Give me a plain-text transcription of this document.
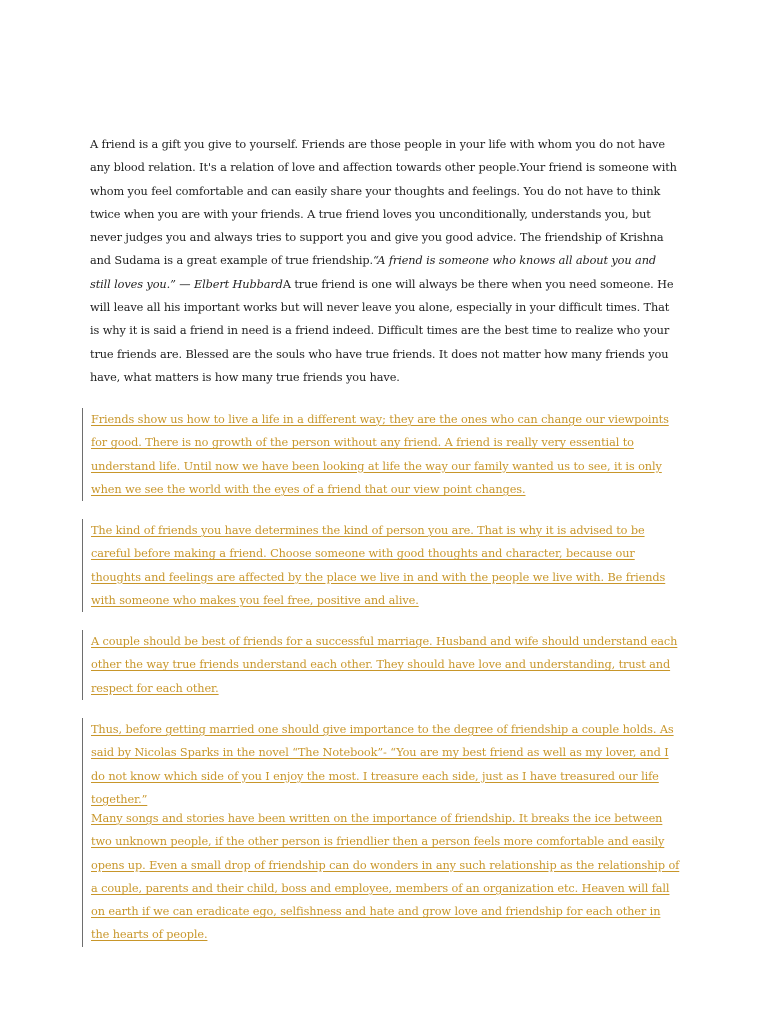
A friend is a gift you give to yourself. Friends are those people in your life with whom you do not have any blood relation. It's a relation of love and affection towards other people.Your friend is someone with whom you feel comfortable and can easily share your thoughts and feelings. You do not have to think twice when you are with your friends. A true friend loves you unconditionally, understands you, but never judges you and always tries to support you and give you good advice. The friendship of Krishna and Sudama is a great example of true friendship.“A friend is someone who knows all about you and still loves you.” — Elbert HubbardA true friend is one will always be there when you need someone. He will leave all his important works but will never leave you alone, especially in your difficult times. That is why it is said a friend in need is a friend indeed. Difficult times are the best time to realize who your true friends are. Blessed are the souls who have true friends. It does not matter how many friends you have, what matters is how many true friends you have.

Friends show us how to live a life in a different way; they are the ones who can change our viewpoints for good. There is no growth of the person without any friend. A friend is really very essential to understand life. Until now we have been looking at life the way our family wanted us to see, it is only when we see the world with the eyes of a friend that our view point changes.

The kind of friends you have determines the kind of person you are. That is why it is advised to be careful before making a friend. Choose someone with good thoughts and character, because our thoughts and feelings are affected by the place we live in and with the people we live with. Be friends with someone who makes you feel free, positive and alive.

A couple should be best of friends for a successful marriage. Husband and wife should understand each other the way true friends understand each other. They should have love and understanding, trust and respect for each other.

Thus, before getting married one should give importance to the degree of friendship a couple holds. As said by Nicolas Sparks in the novel “The Notebook”- “You are my best friend as well as my lover, and I do not know which side of you I enjoy the most. I treasure each side, just as I have treasured our life together.”

Many songs and stories have been written on the importance of friendship. It breaks the ice between two unknown people, if the other person is friendlier then a person feels more comfortable and easily opens up. Even a small drop of friendship can do wonders in any such relationship as the relationship of a couple, parents and their child, boss and employee, members of an organization etc. Heaven will fall on earth if we can eradicate ego, selfishness and hate and grow love and friendship for each other in the hearts of people.
